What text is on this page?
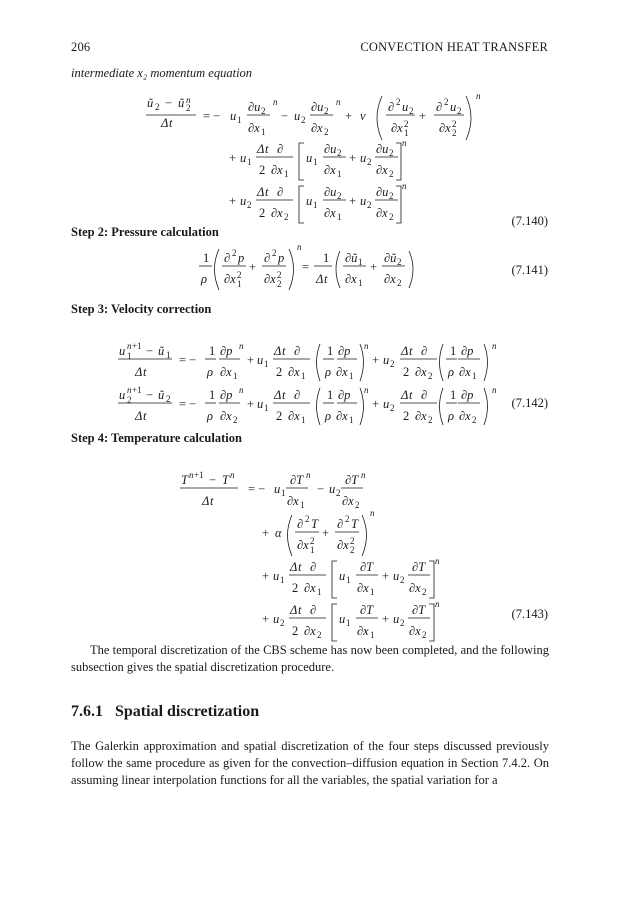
206	CONVECTION HEAT TRANSFER
intermediate x₂ momentum equation
(7.140)
Step 2: Pressure calculation
(7.141)
Step 3: Velocity correction
(7.142)
Step 4: Temperature calculation
(7.143)
ũ 2 − ũ n
2
Δ t = − u 1
∂u 2
n
∂x 1
− u 2
∂u 2
n
∂x 2
+ ν
∂ 2 u 2
∂x 2
1
+
∂ 2 u 2
∂x 2
2
n
+ u 1
Δ t ∂
2 ∂x 1
u 1
∂u 2
∂x 1
+ u 2
∂u 2
∂x 2
n
+ u 2
Δ t ∂
2 ∂x 2
u 1
∂u 2
∂x 1
+ u 2
∂u 2
∂x 2
n
1
ρ
∂ 2 p
∂x 2
1
+
∂ 2 p
∂x 2
2
n
=
1
Δ t
∂ũ 1
∂x 1
+
∂ũ 2
∂x 2
u n +1
1 − ũ 1
Δ t
= −
1
ρ
∂p
∂x 1
n
+ u 1
Δ t ∂
2 ∂x 1
1 ∂p
ρ ∂x 1
n
+ u 2
Δ t ∂
2 ∂x 2
1 ∂p
ρ ∂x 1
n
u n +1
2 − ũ 2
Δ t
= −
1
ρ
∂p
∂x 2
n
+ u 1
Δ t ∂
2 ∂x 1
1 ∂p
ρ ∂x 1
n
+ u 2
Δ t ∂
2 ∂x 2
1 ∂p
ρ ∂x 2
n
T n +1 − T n
Δ t
= − u 1
∂T n
∂x 1
− u 2
∂T n
∂x 2
+ α
∂ 2 T
∂x 2
1
+
∂ 2 T
∂x 2
2
n
+ u 1
Δ t ∂
2 ∂x 1
u 1
∂T
∂x 1
+ u 2
∂T
∂x 2
n
+ u 2
Δ t ∂
2 ∂x 2
u 1
∂T
∂x 1
+ u 2
∂T
∂x 2
n

The temporal discretization of the CBS scheme has now been completed, and the following subsection gives the spatial discretization procedure.

7.6.1 Spatial discretization

The Galerkin approximation and spatial discretization of the four steps discussed previously follow the same procedure as given for the convection–diffusion equation in Section 7.4.2. On assuming linear interpolation functions for all the variables, the spatial variation for a
